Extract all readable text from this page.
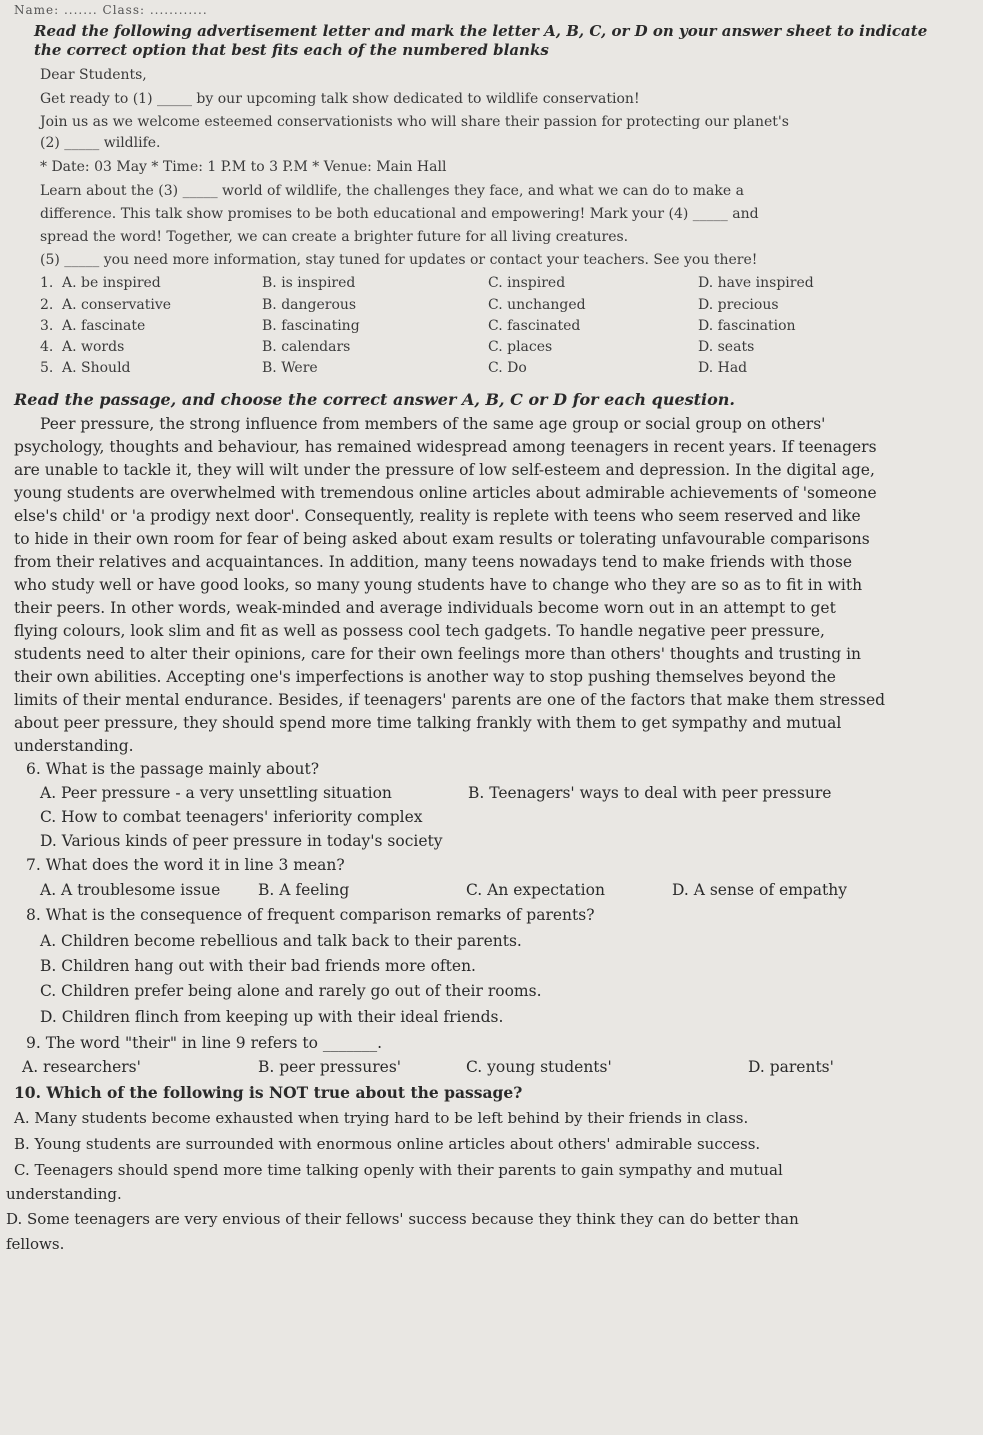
Name: ....... Class: ............
Read the following advertisement letter and mark the letter A, B, C, or D on your answer sheet to indicate
the correct option that best fits each of the numbered blanks
Dear Students,
Get ready to (1) _____ by our upcoming talk show dedicated to wildlife conservation!
Join us as we welcome esteemed conservationists who will share their passion for protecting our planet's
(2) _____ wildlife.
* Date: 03 May * Time: 1 P.M to 3 P.M * Venue: Main Hall
Learn about the (3) _____ world of wildlife, the challenges they face, and what we can do to make a
difference. This talk show promises to be both educational and empowering! Mark your (4) _____ and
spread the word! Together, we can create a brighter future for all living creatures.
(5) _____ you need more information, stay tuned for updates or contact your teachers. See you there!
1. A. be inspired	B. is inspired	C. inspired	D. have inspired
2. A. conservative	B. dangerous	C. unchanged	D. precious
3. A. fascinate	B. fascinating	C. fascinated	D. fascination
4. A. words	B. calendars	C. places	D. seats
5. A. Should	B. Were	C. Do	D. Had
Read the passage, and choose the correct answer A, B, C or D for each question.
Peer pressure, the strong influence from members of the same age group or social group on others'
psychology, thoughts and behaviour, has remained widespread among teenagers in recent years. If teenagers
are unable to tackle it, they will wilt under the pressure of low self-esteem and depression. In the digital age,
young students are overwhelmed with tremendous online articles about admirable achievements of 'someone
else's child' or 'a prodigy next door'. Consequently, reality is replete with teens who seem reserved and like
to hide in their own room for fear of being asked about exam results or tolerating unfavourable comparisons
from their relatives and acquaintances. In addition, many teens nowadays tend to make friends with those
who study well or have good looks, so many young students have to change who they are so as to fit in with
their peers. In other words, weak-minded and average individuals become worn out in an attempt to get
flying colours, look slim and fit as well as possess cool tech gadgets. To handle negative peer pressure,
students need to alter their opinions, care for their own feelings more than others' thoughts and trusting in
their own abilities. Accepting one's imperfections is another way to stop pushing themselves beyond the
limits of their mental endurance. Besides, if teenagers' parents are one of the factors that make them stressed
about peer pressure, they should spend more time talking frankly with them to get sympathy and mutual
understanding.
6. What is the passage mainly about?
A. Peer pressure - a very unsettling situation	B. Teenagers' ways to deal with peer pressure
C. How to combat teenagers' inferiority complex
D. Various kinds of peer pressure in today's society
7. What does the word it in line 3 mean?
A. A troublesome issue B. A feeling	C. An expectation	D. A sense of empathy
8. What is the consequence of frequent comparison remarks of parents?
A. Children become rebellious and talk back to their parents.
B. Children hang out with their bad friends more often.
C. Children prefer being alone and rarely go out of their rooms.
D. Children flinch from keeping up with their ideal friends.
9. The word "their" in line 9 refers to _______.
A. researchers'	B. peer pressures'	C. young students'	D. parents'
10. Which of the following is NOT true about the passage?
A. Many students become exhausted when trying hard to be left behind by their friends in class.
B. Young students are surrounded with enormous online articles about others' admirable success.
C. Teenagers should spend more time talking openly with their parents to gain sympathy and mutual
understanding.
D. Some teenagers are very envious of their fellows' success because they think they can do better than
fellows.
